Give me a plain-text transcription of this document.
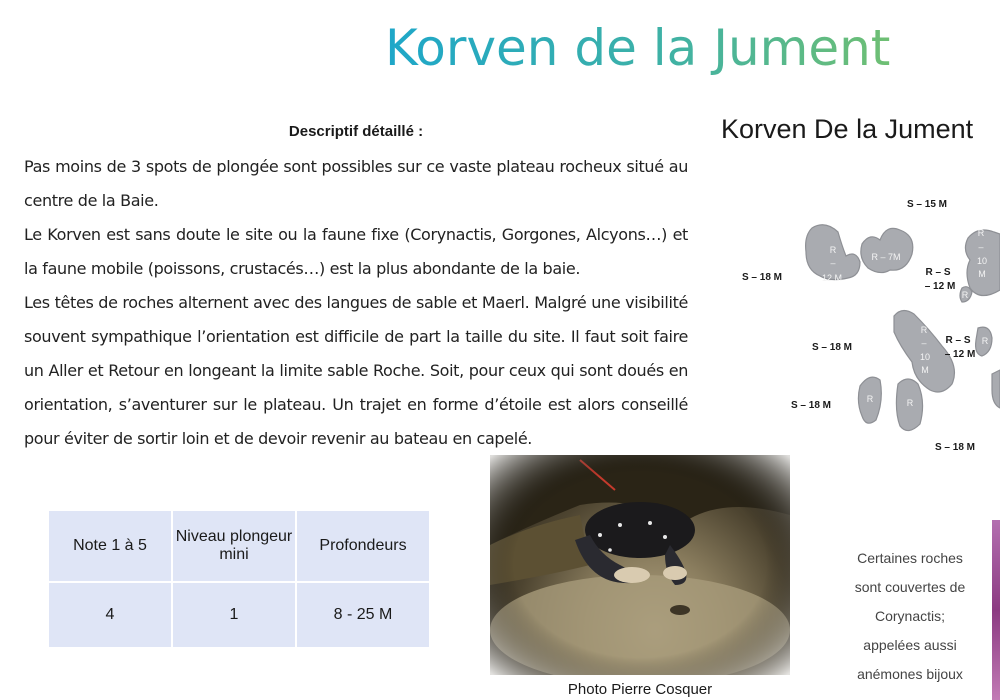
Korven de la Jument
Descriptif détaillé :

Pas moins de 3 spots de plongée sont possibles sur ce vaste plateau rocheux situé au centre de la Baie.

Le Korven est sans doute le site ou la faune fixe (Corynactis, Gorgones, Alcyons…) et la faune mobile (poissons, crustacés…) est la plus abondante de la baie.

Les têtes de roches alternent avec des langues de sable et Maerl. Malgré une visibilité souvent sympathique l’orientation est difficile de part la taille du site. Il faut soit faire un Aller et Retour en longeant la limite sable Roche. Soit, pour ceux qui sont doués en orientation, s’aventurer sur le plateau. Un trajet en forme d’étoile est alors conseillé pour éviter de sortir loin et de devoir revenir au bateau en capelé.

Note 1 à 5	Niveau plongeur mini	Profondeurs
4	1	8 - 25 M
Photo Pierre Cosquer
Korven De la Jument
S – 15 M
S – 18 M
S – 18 M
S – 18 M
S – 18 M
R – S
– 12 M
R – S
– 12 M
R – 7M
R
–
12 M
R
–
10
M
R
–
10
M
R
R
R	R
Certaines roches
sont couvertes de
Corynactis;
appelées aussi
anémones bijoux
